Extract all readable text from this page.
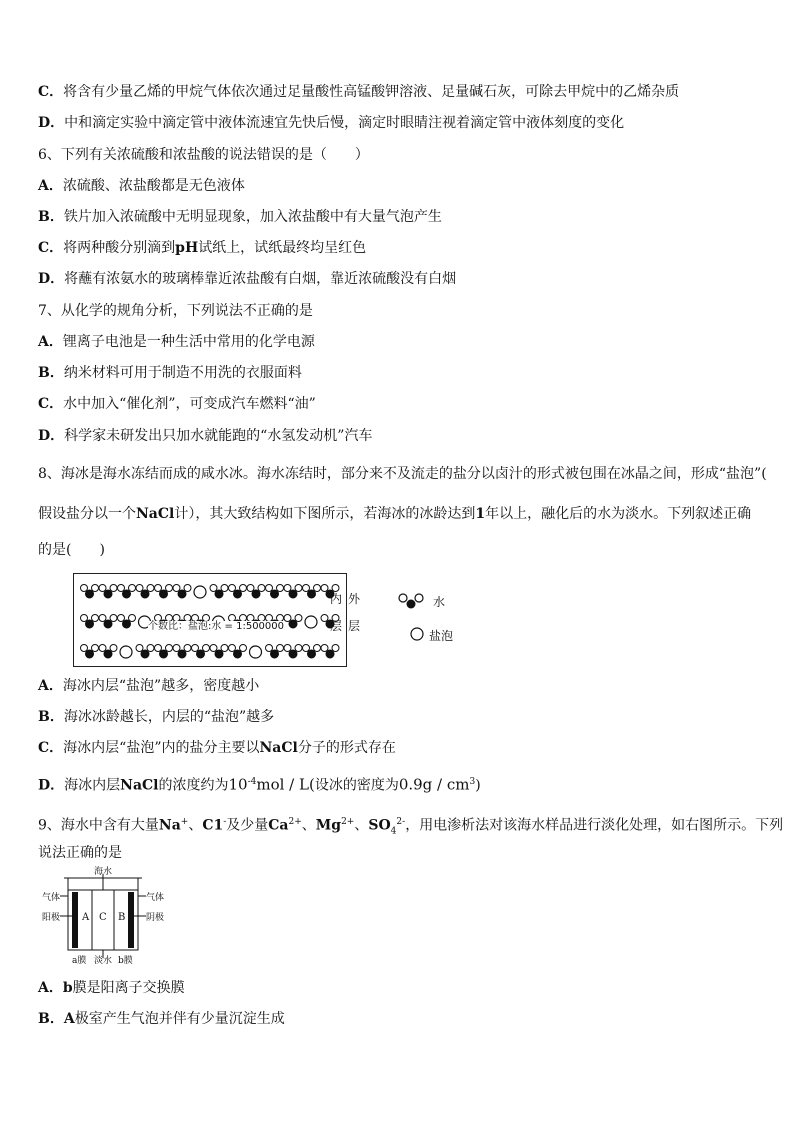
C．将含有少量乙烯的甲烷气体依次通过足量酸性高锰酸钾溶液、足量碱石灰，可除去甲烷中的乙烯杂质
D．中和滴定实验中滴定管中液体流速宜先快后慢，滴定时眼睛注视着滴定管中液体刻度的变化
6、下列有关浓硫酸和浓盐酸的说法错误的是（　　）
A．浓硫酸、浓盐酸都是无色液体
B．铁片加入浓硫酸中无明显现象，加入浓盐酸中有大量气泡产生
C．将两种酸分别滴到pH试纸上，试纸最终均呈红色
D．将蘸有浓氨水的玻璃棒靠近浓盐酸有白烟，靠近浓硫酸没有白烟
7、从化学的规角分析，下列说法不正确的是
A．锂离子电池是一种生活中常用的化学电源
B．纳米材料可用于制造不用洗的衣服面料
C．水中加入“催化剂”，可变成汽车燃料“油”
D．科学家未研发出只加水就能跑的“水氢发动机”汽车
8、海冰是海水冻结而成的咸水冰。海水冻结时，部分来不及流走的盐分以卤汁的形式被包围在冰晶之间，形成“盐泡”(
假设盐分以一个NaCl计），其大致结构如下图所示，若海冰的冰龄达到1年以上，融化后的水为淡水。下列叙述正确
的是(　　)
个数比：盐泡:水 = 1:500000
内
层
外
层
水
盐泡
A．海冰内层“盐泡”越多，密度越小
B．海冰冰龄越长，内层的“盐泡”越多
C．海冰内层“盐泡”内的盐分主要以NaCl分子的形式存在
D．海冰内层NaCl的浓度约为$10^{-4}mol / L$(设冰的密度为$0.9g / cm^3$)
9、海水中含有大量Na+、C1-及少量$Ca^{2+}$、$Mg^{2+}$、$SO_4^{2-}$，用电渗析法对该海水样品进行淡化处理，如右图所示。下列
说法正确的是
海水
气体	气体
阳极	阴极
A C B
a膜 淡水 b膜
A．b膜是阳离子交换膜
B．A极室产生气泡并伴有少量沉淀生成
